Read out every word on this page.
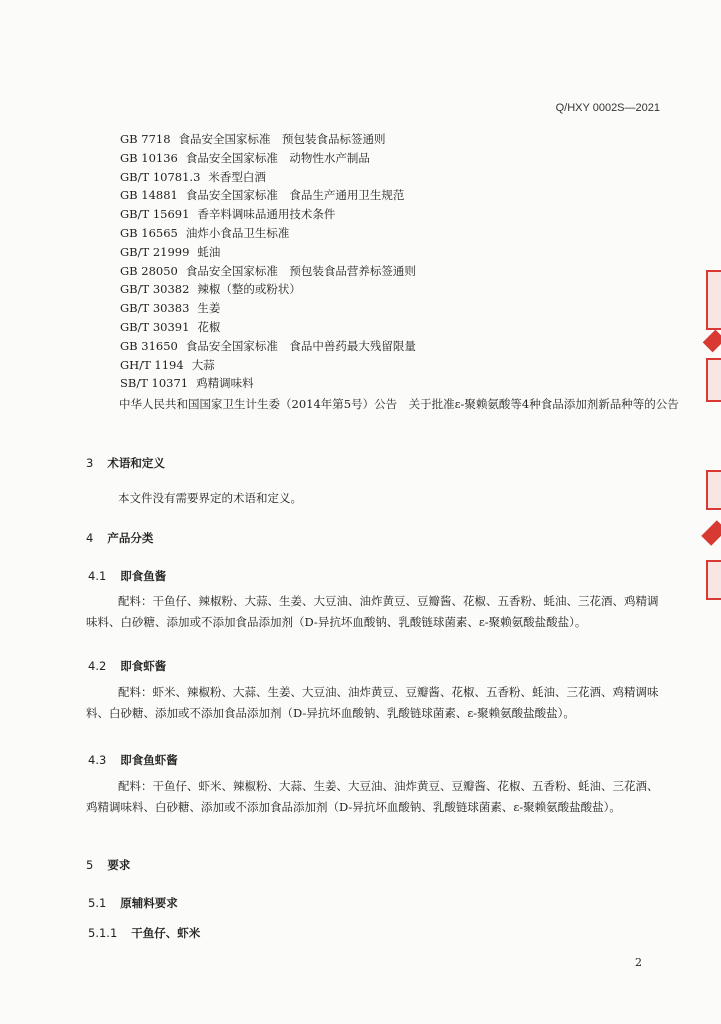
Q/HXY 0002S—2021
GB 7718 食品安全国家标准　预包装食品标签通则
GB 10136 食品安全国家标准　动物性水产制品
GB/T 10781.3 米香型白酒
GB 14881 食品安全国家标准　食品生产通用卫生规范
GB/T 15691 香辛料调味品通用技术条件
GB 16565 油炸小食品卫生标准
GB/T 21999 蚝油
GB 28050 食品安全国家标准　预包装食品营养标签通则
GB/T 30382 辣椒（整的或粉状）
GB/T 30383 生姜
GB/T 30391 花椒
GB 31650 食品安全国家标准　食品中兽药最大残留限量
GH/T 1194 大蒜
SB/T 10371 鸡精调味料
中华人民共和国国家卫生计生委（2014年第5号）公告　关于批准ε-聚赖氨酸等4种食品添加剂新品种等的公告
3 术语和定义
本文件没有需要界定的术语和定义。
4 产品分类
4.1 即食鱼酱
配料：干鱼仔、辣椒粉、大蒜、生姜、大豆油、油炸黄豆、豆瓣酱、花椒、五香粉、蚝油、三花酒、鸡精调味料、白砂糖、添加或不添加食品添加剂（D-异抗坏血酸钠、乳酸链球菌素、ε-聚赖氨酸盐酸盐）。
4.2 即食虾酱
配料：虾米、辣椒粉、大蒜、生姜、大豆油、油炸黄豆、豆瓣酱、花椒、五香粉、蚝油、三花酒、鸡精调味料、白砂糖、添加或不添加食品添加剂（D-异抗坏血酸钠、乳酸链球菌素、ε-聚赖氨酸盐酸盐）。
4.3 即食鱼虾酱
配料：干鱼仔、虾米、辣椒粉、大蒜、生姜、大豆油、油炸黄豆、豆瓣酱、花椒、五香粉、蚝油、三花酒、鸡精调味料、白砂糖、添加或不添加食品添加剂（D-异抗坏血酸钠、乳酸链球菌素、ε-聚赖氨酸盐酸盐）。
5 要求
5.1 原辅料要求
5.1.1 干鱼仔、虾米
2
